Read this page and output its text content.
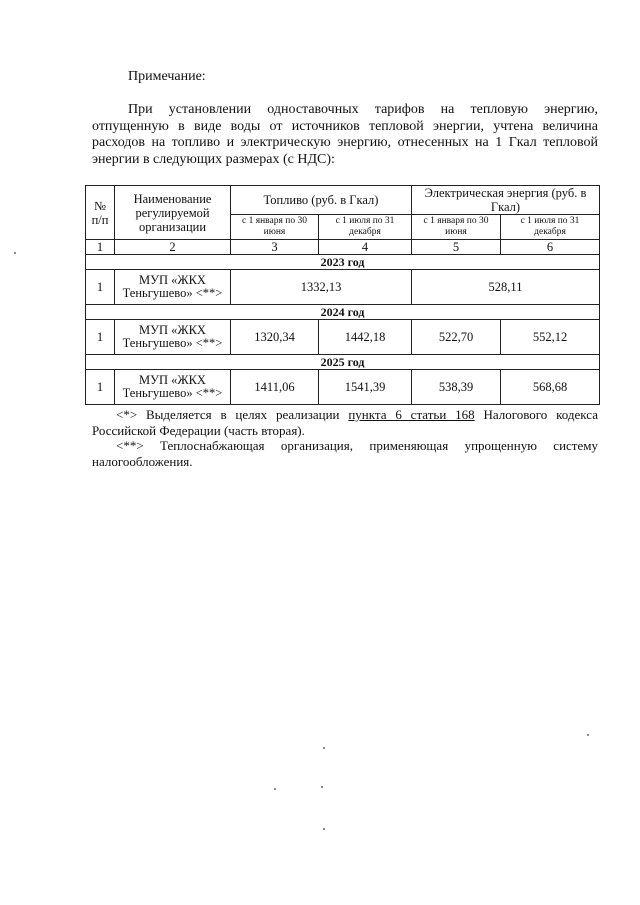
Примечание:

При установлении одноставочных тарифов на тепловую энергию, отпущенную в виде воды от источников тепловой энергии, учтена величина расходов на топливо и электрическую энергию, отнесенных на 1 Гкал тепловой энергии в следующих размерах (с НДС):

№ п/п	Наименование регулируемой организации	Топливо (руб. в Гкал)		Электрическая энергия (руб. в Гкал)	
		с 1 января по 30 июня	с 1 июля по 31 декабря	с 1 января по 30 июня	с 1 июля по 31 декабря
1	2	3	4	5	6
2023 год					
1	МУП «ЖКХ Теньгушево» <**>	1332,13		528,11	
2024 год					
1	МУП «ЖКХ Теньгушево» <**>	1320,34	1442,18	522,70	552,12
2025 год					
1	МУП «ЖКХ Теньгушево» <**>	1411,06	1541,39	538,39	568,68

<*> Выделяется в целях реализации пункта 6 статьи 168 Налогового кодекса Российской Федерации (часть вторая).

<**> Теплоснабжающая организация, применяющая упрощенную систему

налогообложения.
